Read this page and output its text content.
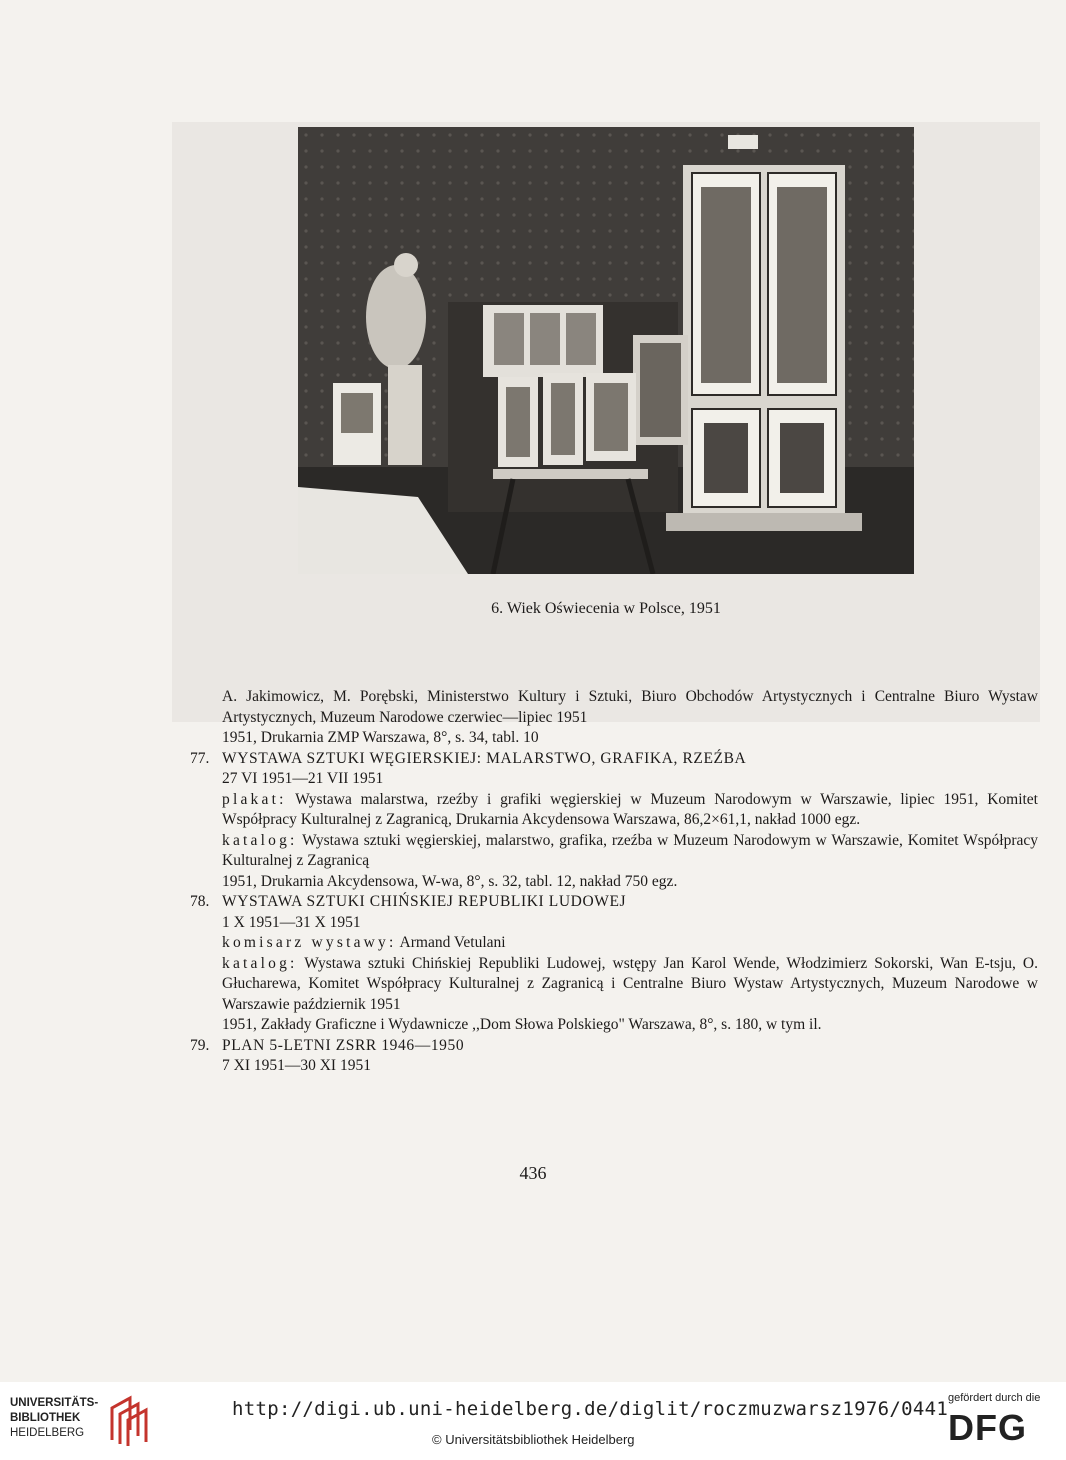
6. Wiek Oświecenia w Polsce, 1951

A. Jakimowicz, M. Porębski, Ministerstwo Kultury i Sztuki, Biuro Obchodów Artystycznych i Centralne Biuro Wystaw Artystycznych, Muzeum Narodowe czerwiec—lipiec 1951

1951, Drukarnia ZMP Warszawa, 8°, s. 34, tabl. 10

77. WYSTAWA SZTUKI WĘGIERSKIEJ: MALARSTWO, GRAFIKA, RZEŹBA

27 VI 1951—21 VII 1951

plakat: Wystawa malarstwa, rzeźby i grafiki węgierskiej w Muzeum Narodowym w Warszawie, lipiec 1951, Komitet Współpracy Kulturalnej z Zagranicą, Drukarnia Akcydensowa Warszawa, 86,2×61,1, nakład 1000 egz.

katalog: Wystawa sztuki węgierskiej, malarstwo, grafika, rzeźba w Muzeum Narodowym w Warszawie, Komitet Współpracy Kulturalnej z Zagranicą

1951, Drukarnia Akcydensowa, W-wa, 8°, s. 32, tabl. 12, nakład 750 egz.

78. WYSTAWA SZTUKI CHIŃSKIEJ REPUBLIKI LUDOWEJ

1 X 1951—31 X 1951

komisarz wystawy: Armand Vetulani

katalog: Wystawa sztuki Chińskiej Republiki Ludowej, wstępy Jan Karol Wende, Włodzimierz Sokorski, Wan E-tsju, O. Głucharewa, Komitet Współpracy Kulturalnej z Zagranicą i Centralne Biuro Wystaw Artystycznych, Muzeum Narodowe w Warszawie październik 1951

1951, Zakłady Graficzne i Wydawnicze ,,Dom Słowa Polskiego" Warszawa, 8°, s. 180, w tym il.

79. PLAN 5-LETNI ZSRR 1946—1950

7 XI 1951—30 XI 1951

436
UNIVERSITÄTS-
BIBLIOTHEK
HEIDELBERG
http://digi.ub.uni-heidelberg.de/diglit/roczmuzwarsz1976/0441
© Universitätsbibliothek Heidelberg
gefördert durch die
DFG
